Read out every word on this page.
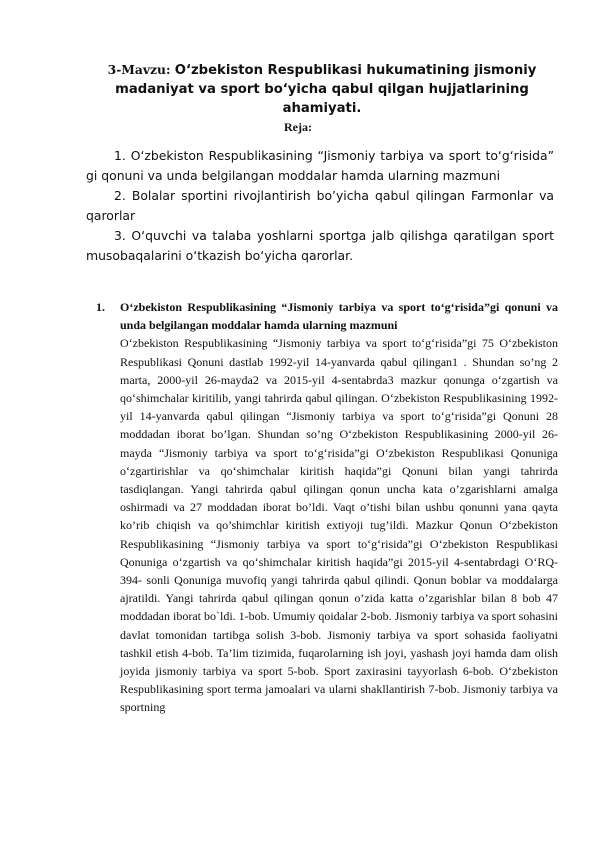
3-Mavzu: O‘zbekiston Respublikasi hukumatining jismoniy
madaniyat va sport bo‘yicha qabul qilgan hujjatlarining
ahamiyati.
Reja:

1. O‘zbekiston Respublikasining “Jismoniy tarbiya va sport to‘g‘risida” gi qonuni va unda belgilangan moddalar hamda ularning mazmuni

2. Bolalar sportini rivojlantirish bo’yicha qabul qilingan Farmonlar va qarorlar

3. O‘quvchi va talaba yoshlarni sportga jalb qilishga qaratilgan sport musobaqalarini o‘tkazish bo‘yicha qarorlar.

1. O‘zbekiston Respublikasining “Jismoniy tarbiya va sport to‘g‘risida”gi qonuni va unda belgilangan moddalar hamda ularning mazmuni

O‘zbekiston Respublikasining “Jismoniy tarbiya va sport to‘g‘risida”gi 75 O‘zbekiston Respublikasi Qonuni dastlab 1992-yil 14-yanvarda qabul qilingan1 . Shundan so’ng 2 marta, 2000-yil 26-mayda2 va 2015-yil 4-sentabrda3 mazkur qonunga o‘zgartish va qo‘shimchalar kiritilib, yangi tahrirda qabul qilingan. O‘zbekiston Respublikasining 1992-yil 14-yanvarda qabul qilingan “Jismoniy tarbiya va sport to‘g‘risida”gi Qonuni 28 moddadan iborat bo’lgan. Shundan so’ng O‘zbekiston Respublikasining 2000-yil 26-mayda “Jismoniy tarbiya va sport to‘g‘risida”gi O‘zbekiston Respublikasi Qonuniga o‘zgartirishlar va qo‘shimchalar kiritish haqida”gi Qonuni bilan yangi tahrirda tasdiqlangan. Yangi tahrirda qabul qilingan qonun uncha kata o’zgarishlarni amalga oshirmadi va 27 moddadan iborat bo’ldi. Vaqt o’tishi bilan ushbu qonunni yana qayta ko’rib chiqish va qo’shimchlar kiritish extiyoji tug’ildi. Mazkur Qonun O‘zbekiston Respublikasining “Jismoniy tarbiya va sport to‘g‘risida”gi O‘zbekiston Respublikasi Qonuniga o‘zgartish va qo‘shimchalar kiritish haqida”gi 2015-yil 4-sentabrdagi O‘RQ-394- sonli Qonuniga muvofiq yangi tahrirda qabul qilindi. Qonun boblar va moddalarga ajratildi. Yangi tahrirda qabul qilingan qonun o’zida katta o’zgarishlar bilan 8 bob 47 moddadan iborat bo`ldi. 1-bob. Umumiy qoidalar 2-bob. Jismoniy tarbiya va sport sohasini davlat tomonidan tartibga solish 3-bob. Jismoniy tarbiya va sport sohasida faoliyatni tashkil etish 4-bob. Ta’lim tizimida, fuqarolarning ish joyi, yashash joyi hamda dam olish joyida jismoniy tarbiya va sport 5-bob. Sport zaxirasini tayyorlash 6-bob. O‘zbekiston Respublikasining sport terma jamoalari va ularni shakllantirish 7-bob. Jismoniy tarbiya va sportning
